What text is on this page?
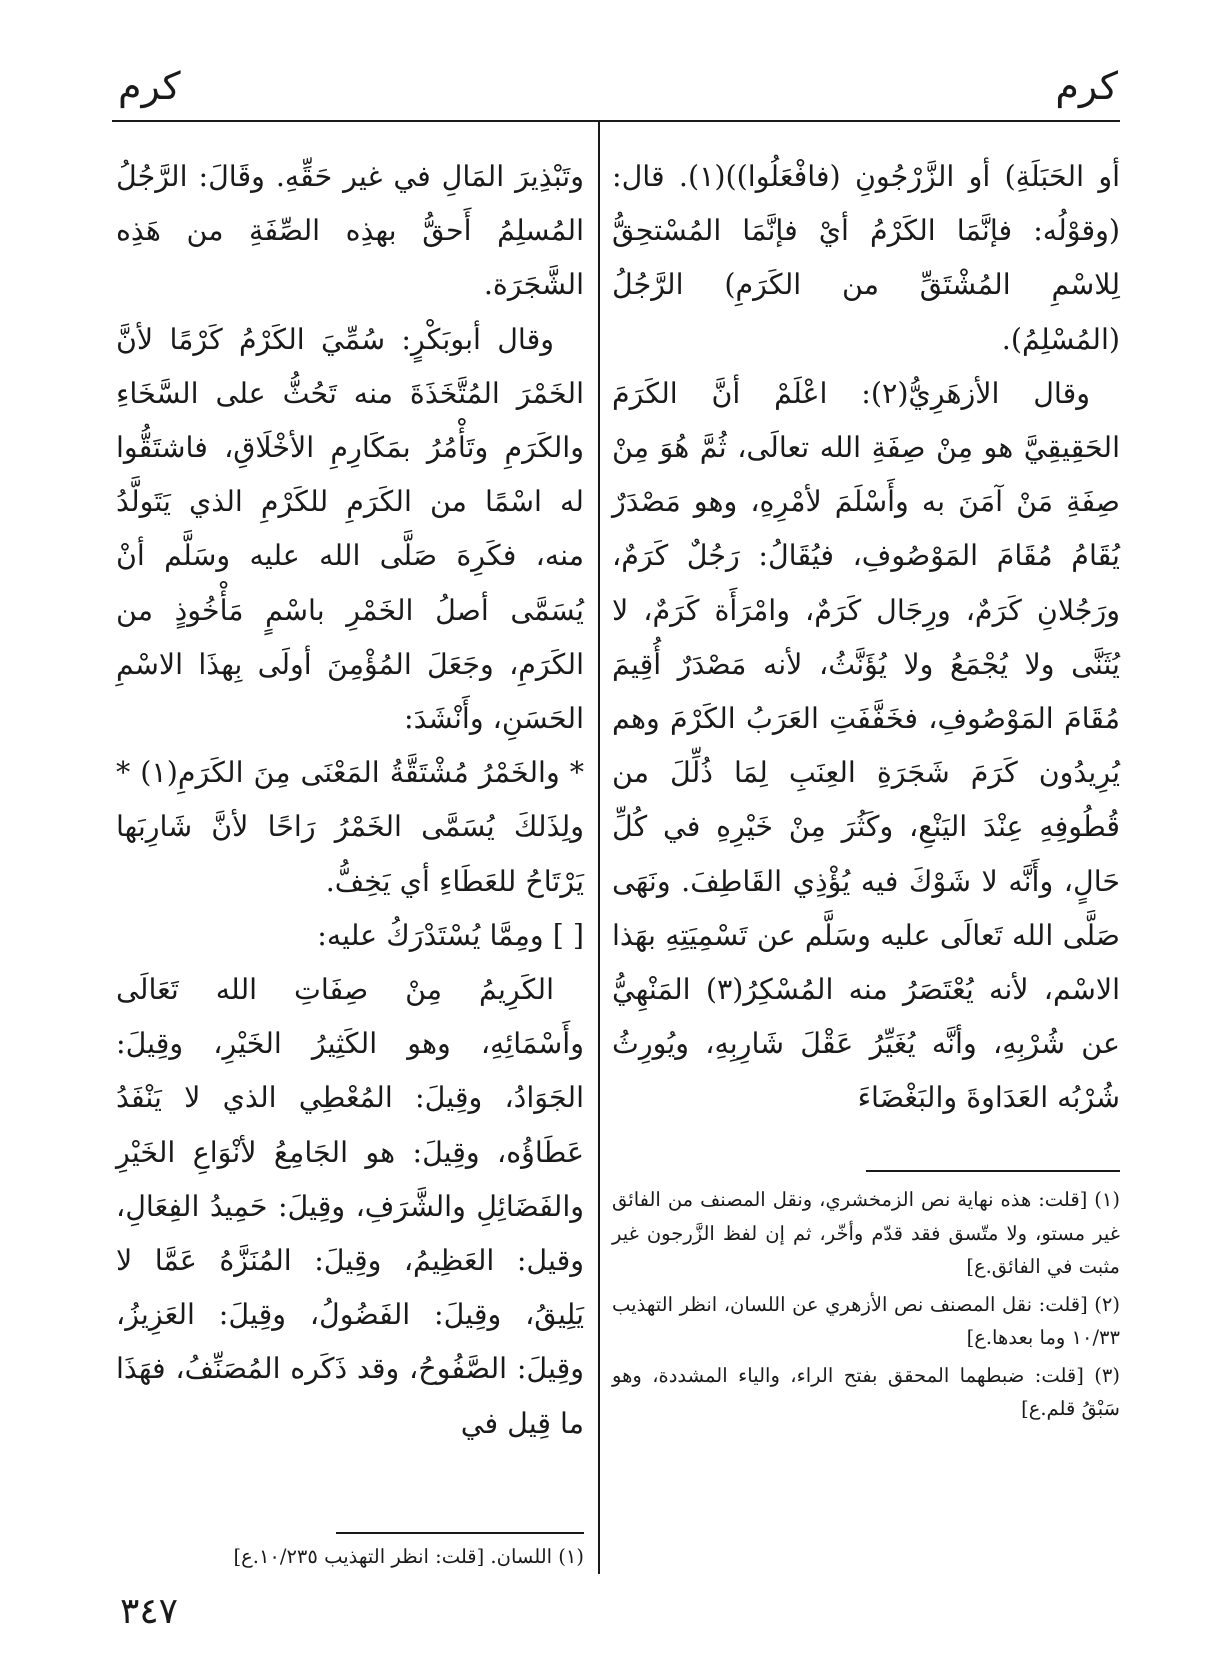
كرم
كرم

أو الحَبَلَةِ) أو الزَّرْجُونِ (فافْعَلُوا))(١). قال: (وقوْلُه: فإنَّمَا الكَرْمُ أيْ فإنَّمَا المُسْتحِقُّ لِلاسْمِ المُشْتَقِّ من الكَرَمِ) الرَّجُلُ (المُسْلِمُ).

وقال الأزهَرِيُّ(٢): اعْلَمْ أنَّ الكَرَمَ الحَقِيقِيَّ هو مِنْ صِفَةِ الله تعالَى، ثُمَّ هُوَ مِنْ صِفَةِ مَنْ آمَنَ به وأَسْلَمَ لأمْرِهِ، وهو مَصْدَرٌ يُقَامُ مُقَامَ المَوْصُوفِ، فيُقَالُ: رَجُلٌ كَرَمٌ، ورَجُلانِ كَرَمٌ، ورِجَال كَرَمٌ، وامْرَأَة كَرَمٌ، لا يُثَنَّى ولا يُجْمَعُ ولا يُؤَنَّثُ، لأنه مَصْدَرٌ أُقِيمَ مُقَامَ المَوْصُوفِ، فخَفَّفَتِ العَرَبُ الكَرْمَ وهم يُرِيدُون كَرَمَ شَجَرَةِ العِنَبِ لِمَا ذُلِّلَ من قُطُوفِهِ عِنْدَ اليَنْعِ، وكَثُرَ مِنْ خَيْرِهِ في كُلِّ حَالٍ، وأَنَّه لا شَوْكَ فيه يُؤْذِي القَاطِفَ. ونَهَى صَلَّى الله تَعالَى عليه وسَلَّم عن تَسْمِيَتِهِ بهَذا الاسْم، لأنه يُعْتَصَرُ منه المُسْكِرُ(٣) المَنْهِيُّ عن شُرْبِهِ، وأنَّه يُغَيِّرُ عَقْلَ شَارِبِهِ، ويُورِثُ شُرْبُه العَدَاوةَ والبَغْضَاءَ

(١) [قلت: هذه نهاية نص الزمخشري، ونقل المصنف من الفائق غير مستو، ولا متّسق فقد قدّم وأخّر، ثم إن لفظ الزَّرجون غير مثبت في الفائق.ع]

(٢) [قلت: نقل المصنف نص الأزهري عن اللسان، انظر التهذيب ١٠/٣٣ وما بعدها.ع]

(٣) [قلت: ضبطهما المحقق بفتح الراء، والياء المشددة، وهو سَبْقُ قلم.ع]

وتَبْذِيرَ المَالِ في غير حَقِّهِ. وقَالَ: الرَّجُلُ المُسلِمُ أَحقُّ بهذِه الصِّفَةِ من هَذِه الشَّجَرَة.

وقال أبوبَكْرٍ: سُمِّيَ الكَرْمُ كَرْمًا لأنَّ الخَمْرَ المُتَّخَذَةَ منه تَحُثُّ على السَّخَاءِ والكَرَمِ وتَأْمُرُ بمَكَارِمِ الأخْلَاقِ، فاشتَقُّوا له اسْمًا من الكَرَمِ للكَرْمِ الذي يَتَولَّدُ منه، فكَرِهَ صَلَّى الله عليه وسَلَّم أنْ يُسَمَّى أصلُ الخَمْرِ باسْمٍ مَأْخُوذٍ من الكَرَمِ، وجَعَلَ المُؤْمِنَ أولَى بِهذَا الاسْمِ الحَسَنِ، وأَنْشَدَ:

* والخَمْرُ مُشْتَقَّةُ المَعْنَى مِنَ الكَرَمِ(١) * ولِذَلكَ يُسَمَّى الخَمْرُ رَاحًا لأنَّ شَارِبَها يَرْتَاحُ للعَطَاءِ أي يَخِفُّ.

[ ] ومِمَّا يُسْتَدْرَكُ عليه:

الكَرِيمُ مِنْ صِفَاتِ الله تَعَالَى وأَسْمَائِهِ، وهو الكَثِيرُ الخَيْرِ، وقِيلَ: الجَوَادُ، وقِيلَ: المُعْطِي الذي لا يَنْفَدُ عَطَاؤُه، وقِيلَ: هو الجَامِعُ لأنْوَاعِ الخَيْرِ والفَضَائِلِ والشَّرَفِ، وقِيلَ: حَمِيدُ الفِعَالِ، وقيل: العَظِيمُ، وقِيلَ: المُنَزَّهُ عَمَّا لا يَلِيقُ، وقِيلَ: الفَضُولُ، وقِيلَ: العَزِيزُ، وقِيلَ: الصَّفُوحُ، وقد ذَكَره المُصَنِّفُ، فهَذَا ما قِيل في

(١) اللسان. [قلت: انظر التهذيب ١٠/٢٣٥.ع]

٣٤٧
